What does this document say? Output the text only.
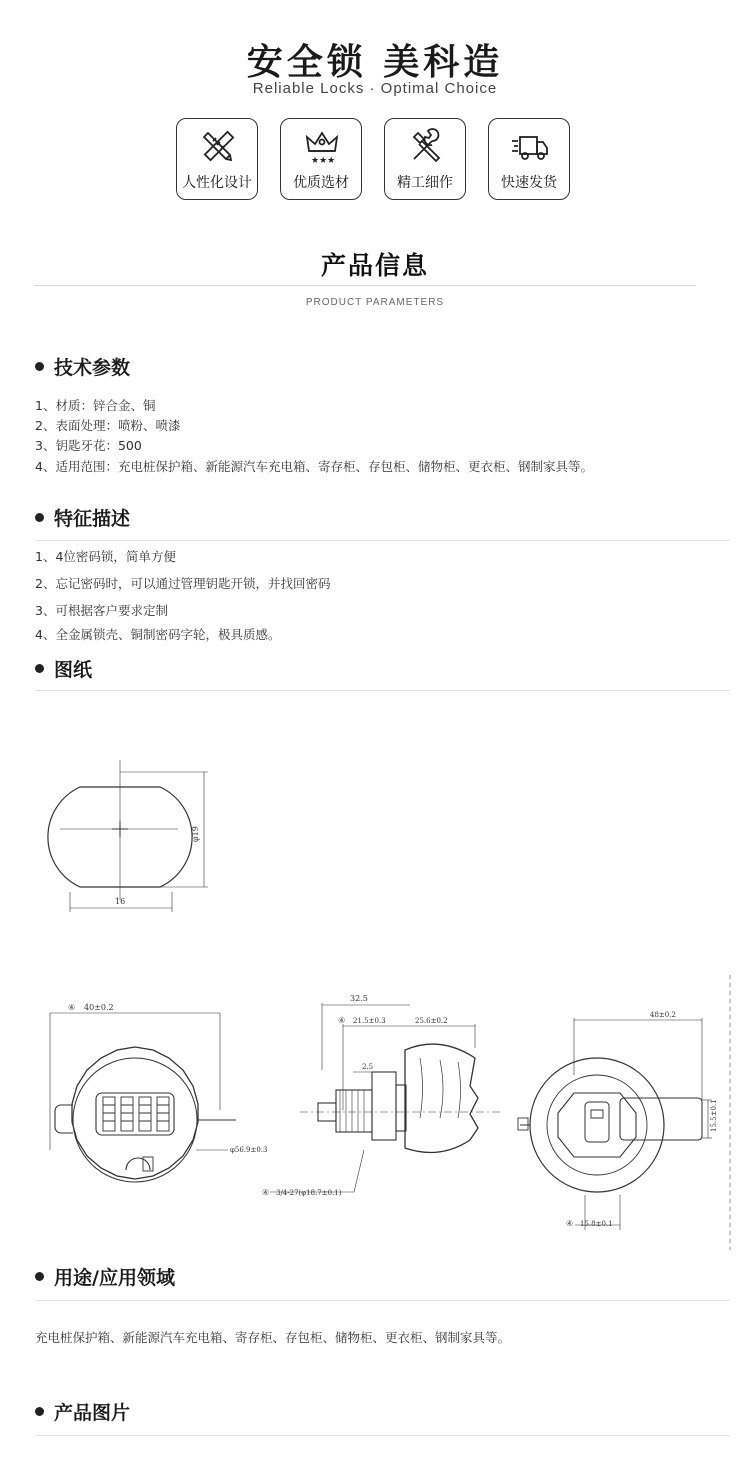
安全锁 美科造
Reliable Locks · Optimal Choice
人性化设计
★★★
优质选材	精工细作	快速发货
产品信息
PRODUCT PARAMETERS
技术参数
1、材质：锌合金、铜
2、表面处理：喷粉、喷漆
3、钥匙牙花：500
4、适用范围：充电桩保护箱、新能源汽车充电箱、寄存柜、存包柜、储物柜、更衣柜、钢制家具等。
特征描述
1、4位密码锁，简单方便
2、忘记密码时，可以通过管理钥匙开锁，并找回密码
3、可根据客户要求定制
4、全金属锁壳、铜制密码字轮，极具质感。
图纸
φ19
16
④ 40±0.2
φ56.9±0.3
32.5
④ 21.5±0.3	25.6±0.2
2.5
④ 3/4-27(φ18.7±0.1)
48±0.2
15.5±0.1
④ 15.8±0.1
用途/应用领域
充电桩保护箱、新能源汽车充电箱、寄存柜、存包柜、储物柜、更衣柜、钢制家具等。
产品图片
